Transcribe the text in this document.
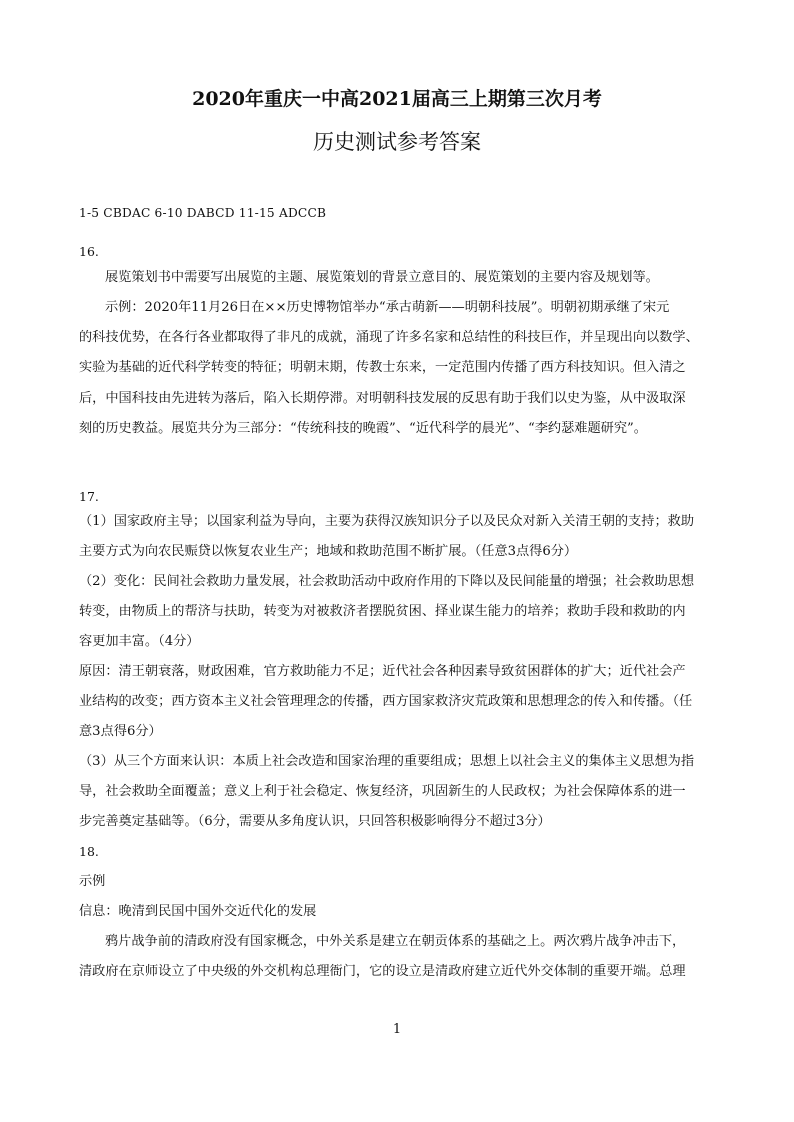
2020年重庆一中高2021届高三上期第三次月考
历史测试参考答案

1-5 CBDAC 6-10 DABCD 11-15 ADCCB

16.

展览策划书中需要写出展览的主题、展览策划的背景立意目的、展览策划的主要内容及规划等。

示例：2020年11月26日在××历史博物馆举办“承古萌新——明朝科技展”。明朝初期承继了宋元

的科技优势，在各行各业都取得了非凡的成就，涌现了许多名家和总结性的科技巨作，并呈现出向以数学、

实验为基础的近代科学转变的特征；明朝末期，传教士东来，一定范围内传播了西方科技知识。但入清之

后，中国科技由先进转为落后，陷入长期停滞。对明朝科技发展的反思有助于我们以史为鉴，从中汲取深

刻的历史教益。展览共分为三部分：“传统科技的晚霞”、“近代科学的晨光”、“李约瑟难题研究”。

17.

（1）国家政府主导；以国家利益为导向，主要为获得汉族知识分子以及民众对新入关清王朝的支持；救助

主要方式为向农民赈贷以恢复农业生产；地域和救助范围不断扩展。（任意3点得6分）

（2）变化：民间社会救助力量发展，社会救助活动中政府作用的下降以及民间能量的增强；社会救助思想

转变，由物质上的帮济与扶助，转变为对被救济者摆脱贫困、择业谋生能力的培养；救助手段和救助的内

容更加丰富。（4分）

原因：清王朝衰落，财政困难，官方救助能力不足；近代社会各种因素导致贫困群体的扩大；近代社会产

业结构的改变；西方资本主义社会管理理念的传播，西方国家救济灾荒政策和思想理念的传入和传播。（任

意3点得6分）

（3）从三个方面来认识：本质上社会改造和国家治理的重要组成；思想上以社会主义的集体主义思想为指

导，社会救助全面覆盖；意义上利于社会稳定、恢复经济，巩固新生的人民政权；为社会保障体系的进一

步完善奠定基础等。（6分，需要从多角度认识，只回答积极影响得分不超过3分）

18.

示例

信息：晚清到民国中国外交近代化的发展

鸦片战争前的清政府没有国家概念，中外关系是建立在朝贡体系的基础之上。两次鸦片战争冲击下，

清政府在京师设立了中央级的外交机构总理衙门，它的设立是清政府建立近代外交体制的重要开端。总理

1
